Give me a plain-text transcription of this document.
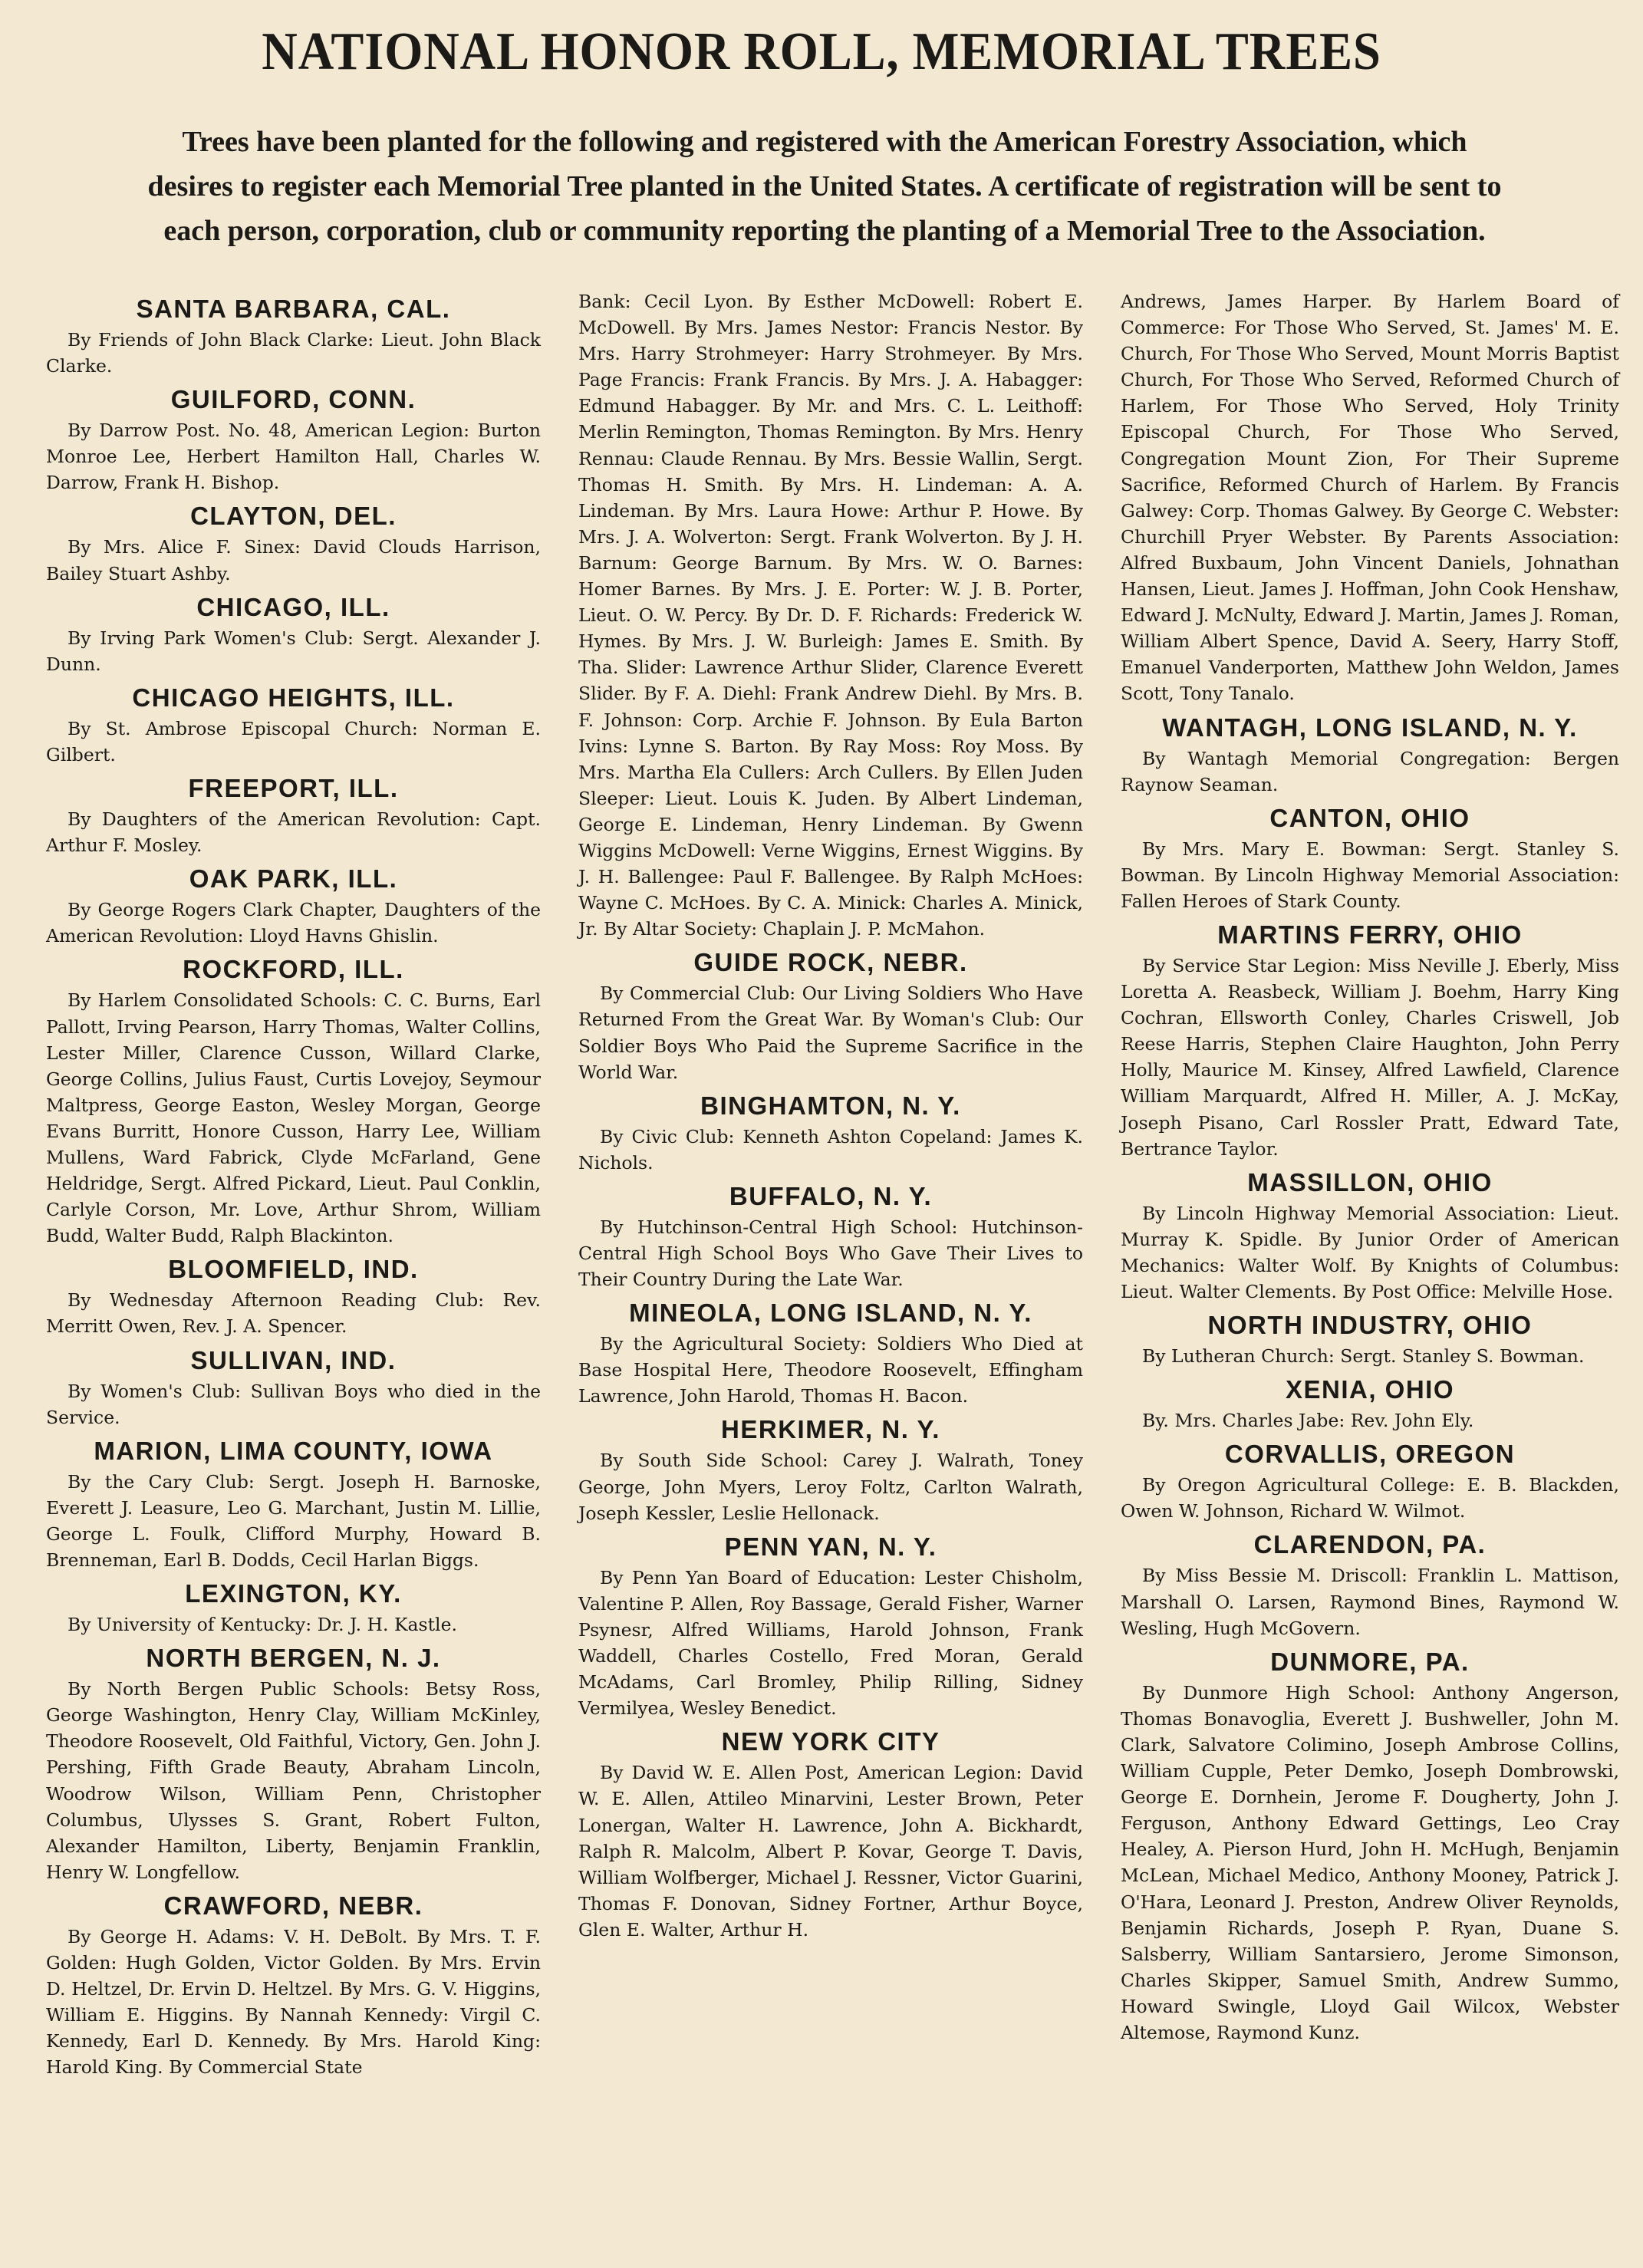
NATIONAL HONOR ROLL, MEMORIAL TREES
Trees have been planted for the following and registered with the American Forestry Association, which
desires to register each Memorial Tree planted in the United States. A certificate of registration will be sent to
each person, corporation, club or community reporting the planting of a Memorial Tree to the Association.
SANTA BARBARA, CAL.
By Friends of John Black Clarke: Lieut. John Black Clarke.
GUILFORD, CONN.
By Darrow Post. No. 48, American Legion: Burton Monroe Lee, Herbert Hamilton Hall, Charles W. Darrow, Frank H. Bishop.
CLAYTON, DEL.
By Mrs. Alice F. Sinex: David Clouds Harrison, Bailey Stuart Ashby.
CHICAGO, ILL.
By Irving Park Women's Club: Sergt. Alexander J. Dunn.
CHICAGO HEIGHTS, ILL.
By St. Ambrose Episcopal Church: Norman E. Gilbert.
FREEPORT, ILL.
By Daughters of the American Revolution: Capt. Arthur F. Mosley.
OAK PARK, ILL.
By George Rogers Clark Chapter, Daughters of the American Revolution: Lloyd Havns Ghislin.
ROCKFORD, ILL.
By Harlem Consolidated Schools: C. C. Burns, Earl Pallott, Irving Pearson, Harry Thomas, Walter Collins, Lester Miller, Clarence Cusson, Willard Clarke, George Collins, Julius Faust, Curtis Lovejoy, Seymour Maltpress, George Easton, Wesley Morgan, George Evans Burritt, Honore Cusson, Harry Lee, William Mullens, Ward Fabrick, Clyde McFarland, Gene Heldridge, Sergt. Alfred Pickard, Lieut. Paul Conklin, Carlyle Corson, Mr. Love, Arthur Shrom, William Budd, Walter Budd, Ralph Blackinton.
BLOOMFIELD, IND.
By Wednesday Afternoon Reading Club: Rev. Merritt Owen, Rev. J. A. Spencer.
SULLIVAN, IND.
By Women's Club: Sullivan Boys who died in the Service.
MARION, LIMA COUNTY, IOWA
By the Cary Club: Sergt. Joseph H. Barnoske, Everett J. Leasure, Leo G. Marchant, Justin M. Lillie, George L. Foulk, Clifford Murphy, Howard B. Brenneman, Earl B. Dodds, Cecil Harlan Biggs.
LEXINGTON, KY.
By University of Kentucky: Dr. J. H. Kastle.
NORTH BERGEN, N. J.
By North Bergen Public Schools: Betsy Ross, George Washington, Henry Clay, William McKinley, Theodore Roosevelt, Old Faithful, Victory, Gen. John J. Pershing, Fifth Grade Beauty, Abraham Lincoln, Woodrow Wilson, William Penn, Christopher Columbus, Ulysses S. Grant, Robert Fulton, Alexander Hamilton, Liberty, Benjamin Franklin, Henry W. Longfellow.
CRAWFORD, NEBR.
By George H. Adams: V. H. DeBolt. By Mrs. T. F. Golden: Hugh Golden, Victor Golden. By Mrs. Ervin D. Heltzel, Dr. Ervin D. Heltzel. By Mrs. G. V. Higgins, William E. Higgins. By Nannah Kennedy: Virgil C. Kennedy, Earl D. Kennedy. By Mrs. Harold King: Harold King. By Commercial State
Bank: Cecil Lyon. By Esther McDowell: Robert E. McDowell. By Mrs. James Nestor: Francis Nestor. By Mrs. Harry Strohmeyer: Harry Strohmeyer. By Mrs. Page Francis: Frank Francis. By Mrs. J. A. Habagger: Edmund Habagger. By Mr. and Mrs. C. L. Leithoff: Merlin Remington, Thomas Remington. By Mrs. Henry Rennau: Claude Rennau. By Mrs. Bessie Wallin, Sergt. Thomas H. Smith. By Mrs. H. Lindeman: A. A. Lindeman. By Mrs. Laura Howe: Arthur P. Howe. By Mrs. J. A. Wolverton: Sergt. Frank Wolverton. By J. H. Barnum: George Barnum. By Mrs. W. O. Barnes: Homer Barnes. By Mrs. J. E. Porter: W. J. B. Porter, Lieut. O. W. Percy. By Dr. D. F. Richards: Frederick W. Hymes. By Mrs. J. W. Burleigh: James E. Smith. By Tha. Slider: Lawrence Arthur Slider, Clarence Everett Slider. By F. A. Diehl: Frank Andrew Diehl. By Mrs. B. F. Johnson: Corp. Archie F. Johnson. By Eula Barton Ivins: Lynne S. Barton. By Ray Moss: Roy Moss. By Mrs. Martha Ela Cullers: Arch Cullers. By Ellen Juden Sleeper: Lieut. Louis K. Juden. By Albert Lindeman, George E. Lindeman, Henry Lindeman. By Gwenn Wiggins McDowell: Verne Wiggins, Ernest Wiggins. By J. H. Ballengee: Paul F. Ballengee. By Ralph McHoes: Wayne C. McHoes. By C. A. Minick: Charles A. Minick, Jr. By Altar Society: Chaplain J. P. McMahon.
GUIDE ROCK, NEBR.
By Commercial Club: Our Living Soldiers Who Have Returned From the Great War. By Woman's Club: Our Soldier Boys Who Paid the Supreme Sacrifice in the World War.
BINGHAMTON, N. Y.
By Civic Club: Kenneth Ashton Copeland: James K. Nichols.
BUFFALO, N. Y.
By Hutchinson-Central High School: Hutchinson-Central High School Boys Who Gave Their Lives to Their Country During the Late War.
MINEOLA, LONG ISLAND, N. Y.
By the Agricultural Society: Soldiers Who Died at Base Hospital Here, Theodore Roosevelt, Effingham Lawrence, John Harold, Thomas H. Bacon.
HERKIMER, N. Y.
By South Side School: Carey J. Walrath, Toney George, John Myers, Leroy Foltz, Carlton Walrath, Joseph Kessler, Leslie Hellonack.
PENN YAN, N. Y.
By Penn Yan Board of Education: Lester Chisholm, Valentine P. Allen, Roy Bassage, Gerald Fisher, Warner Psynesr, Alfred Williams, Harold Johnson, Frank Waddell, Charles Costello, Fred Moran, Gerald McAdams, Carl Bromley, Philip Rilling, Sidney Vermilyea, Wesley Benedict.
NEW YORK CITY
By David W. E. Allen Post, American Legion: David W. E. Allen, Attileo Minarvini, Lester Brown, Peter Lonergan, Walter H. Lawrence, John A. Bickhardt, Ralph R. Malcolm, Albert P. Kovar, George T. Davis, William Wolfberger, Michael J. Ressner, Victor Guarini, Thomas F. Donovan, Sidney Fortner, Arthur Boyce, Glen E. Walter, Arthur H.
Andrews, James Harper. By Harlem Board of Commerce: For Those Who Served, St. James' M. E. Church, For Those Who Served, Mount Morris Baptist Church, For Those Who Served, Reformed Church of Harlem, For Those Who Served, Holy Trinity Episcopal Church, For Those Who Served, Congregation Mount Zion, For Their Supreme Sacrifice, Reformed Church of Harlem. By Francis Galwey: Corp. Thomas Galwey. By George C. Webster: Churchill Pryer Webster. By Parents Association: Alfred Buxbaum, John Vincent Daniels, Johnathan Hansen, Lieut. James J. Hoffman, John Cook Henshaw, Edward J. McNulty, Edward J. Martin, James J. Roman, William Albert Spence, David A. Seery, Harry Stoff, Emanuel Vanderporten, Matthew John Weldon, James Scott, Tony Tanalo.
WANTAGH, LONG ISLAND, N. Y.
By Wantagh Memorial Congregation: Bergen Raynow Seaman.
CANTON, OHIO
By Mrs. Mary E. Bowman: Sergt. Stanley S. Bowman. By Lincoln Highway Memorial Association: Fallen Heroes of Stark County.
MARTINS FERRY, OHIO
By Service Star Legion: Miss Neville J. Eberly, Miss Loretta A. Reasbeck, William J. Boehm, Harry King Cochran, Ellsworth Conley, Charles Criswell, Job Reese Harris, Stephen Claire Haughton, John Perry Holly, Maurice M. Kinsey, Alfred Lawfield, Clarence William Marquardt, Alfred H. Miller, A. J. McKay, Joseph Pisano, Carl Rossler Pratt, Edward Tate, Bertrance Taylor.
MASSILLON, OHIO
By Lincoln Highway Memorial Association: Lieut. Murray K. Spidle. By Junior Order of American Mechanics: Walter Wolf. By Knights of Columbus: Lieut. Walter Clements. By Post Office: Melville Hose.
NORTH INDUSTRY, OHIO
By Lutheran Church: Sergt. Stanley S. Bowman.
XENIA, OHIO
By. Mrs. Charles Jabe: Rev. John Ely.
CORVALLIS, OREGON
By Oregon Agricultural College: E. B. Blackden, Owen W. Johnson, Richard W. Wilmot.
CLARENDON, PA.
By Miss Bessie M. Driscoll: Franklin L. Mattison, Marshall O. Larsen, Raymond Bines, Raymond W. Wesling, Hugh McGovern.
DUNMORE, PA.
By Dunmore High School: Anthony Angerson, Thomas Bonavoglia, Everett J. Bushweller, John M. Clark, Salvatore Colimino, Joseph Ambrose Collins, William Cupple, Peter Demko, Joseph Dombrowski, George E. Dornhein, Jerome F. Dougherty, John J. Ferguson, Anthony Edward Gettings, Leo Cray Healey, A. Pierson Hurd, John H. McHugh, Benjamin McLean, Michael Medico, Anthony Mooney, Patrick J. O'Hara, Leonard J. Preston, Andrew Oliver Reynolds, Benjamin Richards, Joseph P. Ryan, Duane S. Salsberry, William Santarsiero, Jerome Simonson, Charles Skipper, Samuel Smith, Andrew Summo, Howard Swingle, Lloyd Gail Wilcox, Webster Altemose, Raymond Kunz.
